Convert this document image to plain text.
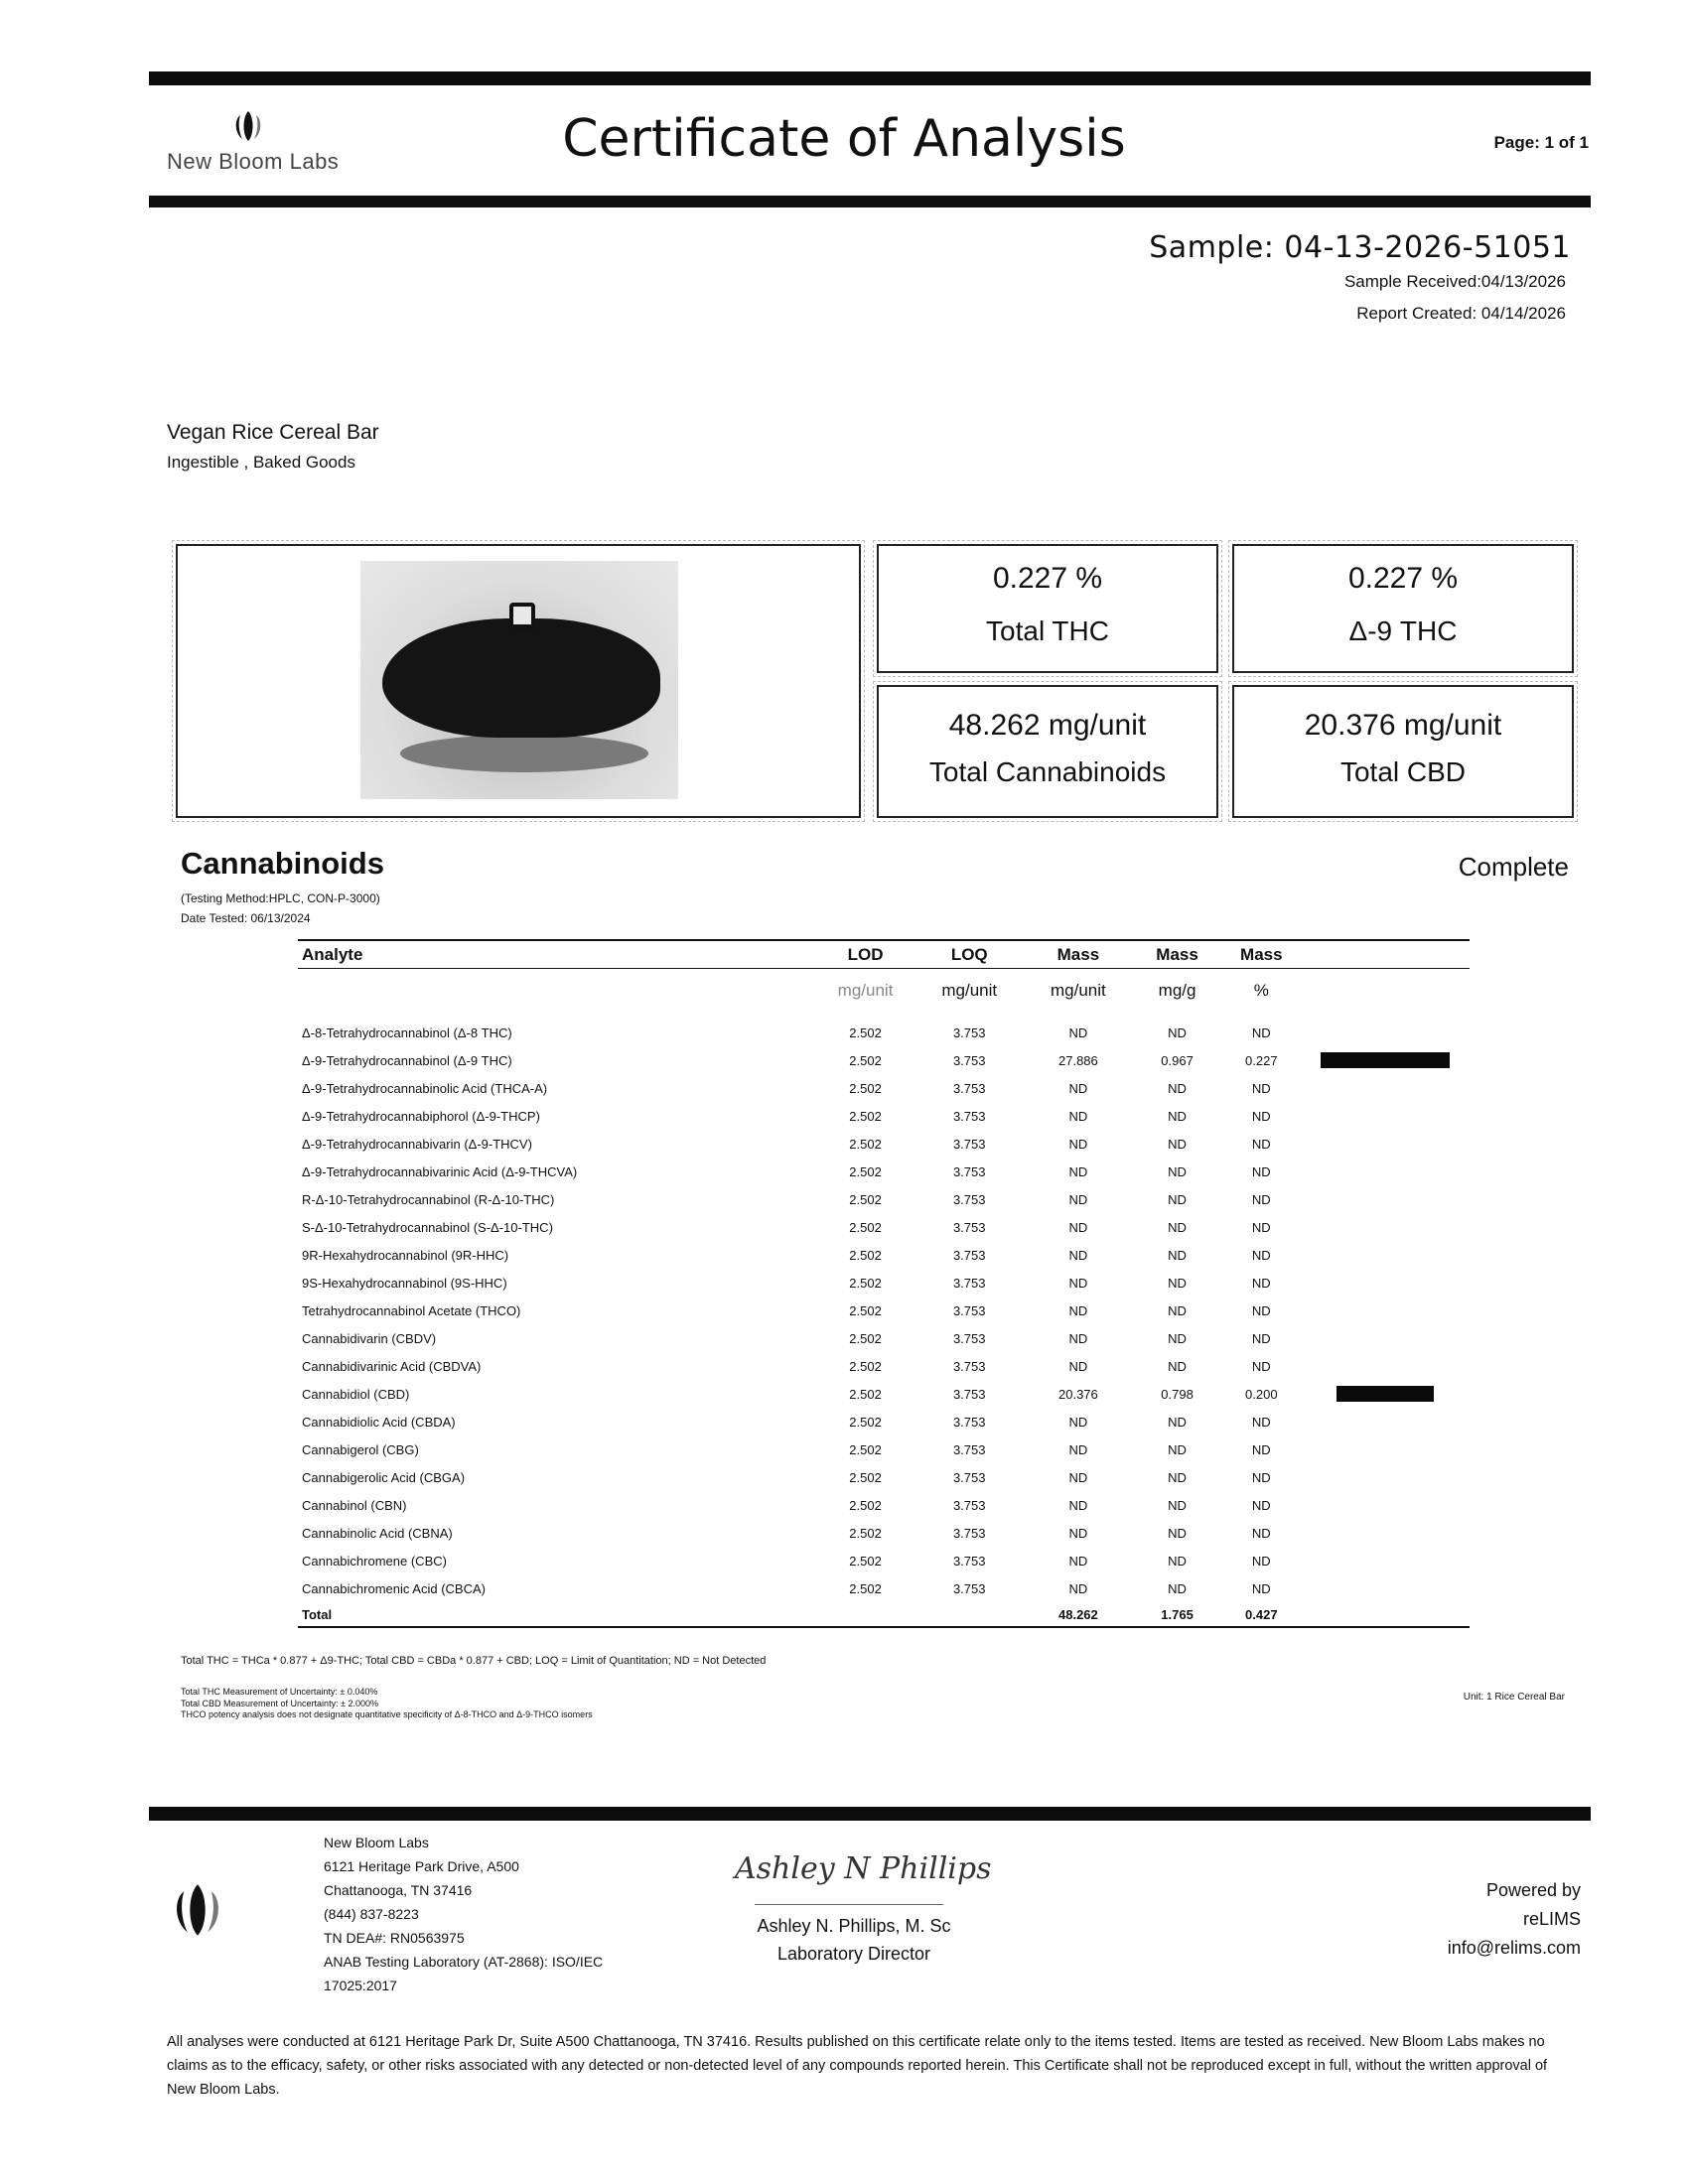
New Bloom Labs	Certificate of Analysis	Page: 1 of 1
Sample: 04-13-2026-51051
Sample Received:04/13/2026
Report Created: 04/14/2026
Vegan Rice Cereal Bar
Ingestible , Baked Goods
0.227 %
Total THC
0.227 %
Δ-9 THC
48.262 mg/unit
Total Cannabinoids
20.376 mg/unit
Total CBD
Cannabinoids	Complete
(Testing Method:HPLC, CON-P-3000)
Date Tested: 06/13/2024
Analyte	LOD	LOQ	Mass	Mass	Mass	
	mg/unit	mg/unit	mg/unit	mg/g	%	
Δ-8-Tetrahydrocannabinol (Δ-8 THC)	2.502	3.753	ND	ND	ND	
Δ-9-Tetrahydrocannabinol (Δ-9 THC)	2.502	3.753	27.886	0.967	0.227	
Δ-9-Tetrahydrocannabinolic Acid (THCA-A)	2.502	3.753	ND	ND	ND	
Δ-9-Tetrahydrocannabiphorol (Δ-9-THCP)	2.502	3.753	ND	ND	ND	
Δ-9-Tetrahydrocannabivarin (Δ-9-THCV)	2.502	3.753	ND	ND	ND	
Δ-9-Tetrahydrocannabivarinic Acid (Δ-9-THCVA)	2.502	3.753	ND	ND	ND	
R-Δ-10-Tetrahydrocannabinol (R-Δ-10-THC)	2.502	3.753	ND	ND	ND	
S-Δ-10-Tetrahydrocannabinol (S-Δ-10-THC)	2.502	3.753	ND	ND	ND	
9R-Hexahydrocannabinol (9R-HHC)	2.502	3.753	ND	ND	ND	
9S-Hexahydrocannabinol (9S-HHC)	2.502	3.753	ND	ND	ND	
Tetrahydrocannabinol Acetate (THCO)	2.502	3.753	ND	ND	ND	
Cannabidivarin (CBDV)	2.502	3.753	ND	ND	ND	
Cannabidivarinic Acid (CBDVA)	2.502	3.753	ND	ND	ND	
Cannabidiol (CBD)	2.502	3.753	20.376	0.798	0.200	
Cannabidiolic Acid (CBDA)	2.502	3.753	ND	ND	ND	
Cannabigerol (CBG)	2.502	3.753	ND	ND	ND	
Cannabigerolic Acid (CBGA)	2.502	3.753	ND	ND	ND	
Cannabinol (CBN)	2.502	3.753	ND	ND	ND	
Cannabinolic Acid (CBNA)	2.502	3.753	ND	ND	ND	
Cannabichromene (CBC)	2.502	3.753	ND	ND	ND	
Cannabichromenic Acid (CBCA)	2.502	3.753	ND	ND	ND	
Total			48.262	1.765	0.427	
Total THC = THCa * 0.877 + Δ9-THC; Total CBD = CBDa * 0.877 + CBD; LOQ = Limit of Quantitation; ND = Not Detected
Total THC Measurement of Uncertainty: ± 0.040%
Total CBD Measurement of Uncertainty: ± 2.000%
THCO potency analysis does not designate quantitative specificity of Δ-8-THCO and Δ-9-THCO isomers
Unit: 1 Rice Cereal Bar
New Bloom Labs
6121 Heritage Park Drive, A500
Chattanooga, TN 37416
(844) 837-8223
TN DEA#: RN0563975
ANAB Testing Laboratory (AT-2868): ISO/IEC
17025:2017
Ashley N Phillips
Ashley N. Phillips, M. Sc
Laboratory Director
Powered by
reLIMS
info@relims.com
All analyses were conducted at 6121 Heritage Park Dr, Suite A500 Chattanooga, TN 37416. Results published on this certificate relate only to the items tested. Items are tested as received. New Bloom Labs makes no claims as to the efficacy, safety, or other risks associated with any detected or non-detected level of any compounds reported herein. This Certificate shall not be reproduced except in full, without the written approval of New Bloom Labs.
